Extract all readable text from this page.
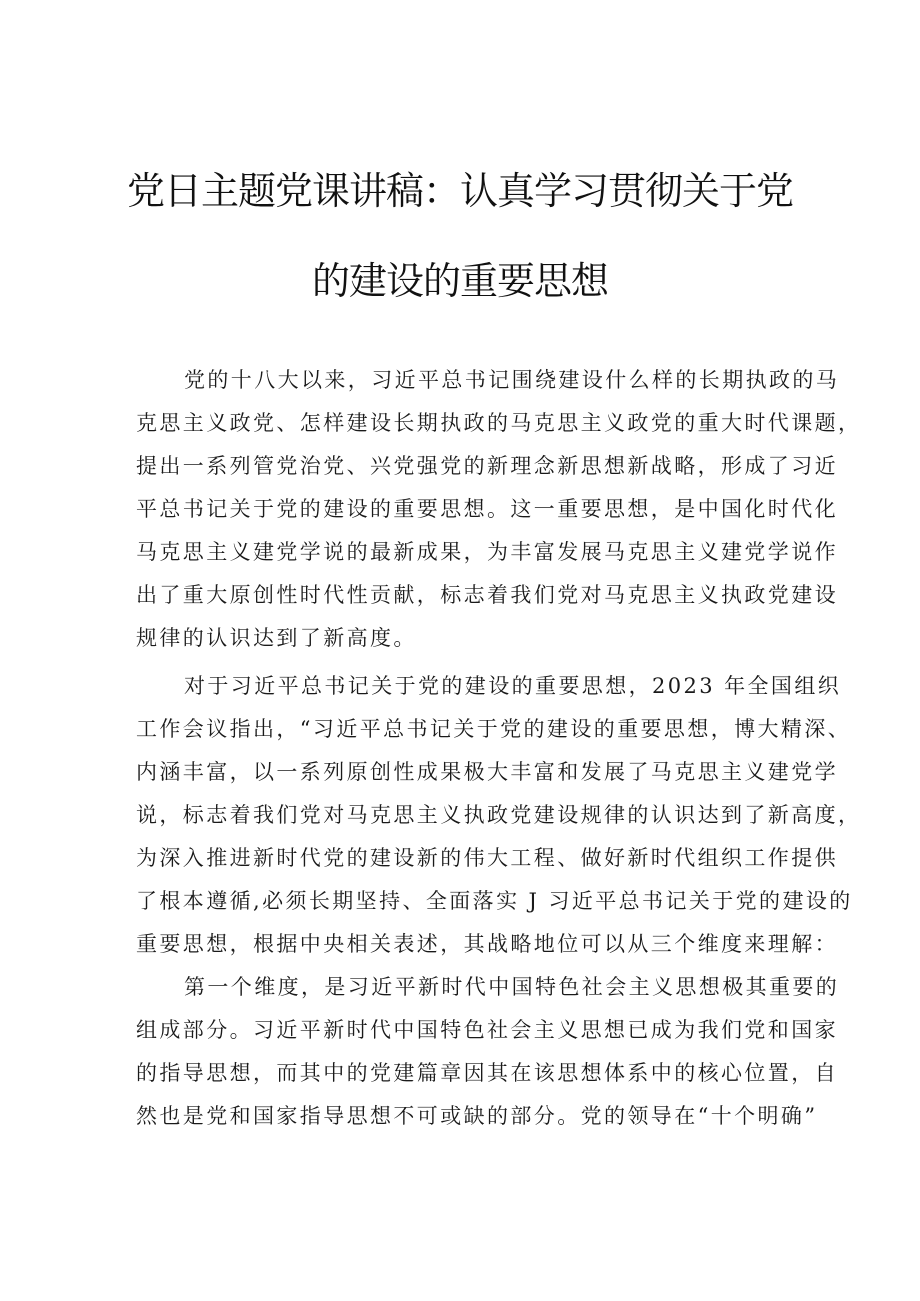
党日主题党课讲稿：认真学习贯彻关于党
的建设的重要思想
党的十八大以来，习近平总书记围绕建设什么样的长期执政的马
克思主义政党、怎样建设长期执政的马克思主义政党的重大时代课题，
提出一系列管党治党、兴党强党的新理念新思想新战略，形成了习近
平总书记关于党的建设的重要思想。这一重要思想，是中国化时代化
马克思主义建党学说的最新成果，为丰富发展马克思主义建党学说作
出了重大原创性时代性贡献，标志着我们党对马克思主义执政党建设
规律的认识达到了新高度。
对于习近平总书记关于党的建设的重要思想，2023 年全国组织
工作会议指出，“习近平总书记关于党的建设的重要思想，博大精深、
内涵丰富，以一系列原创性成果极大丰富和发展了马克思主义建党学
说，标志着我们党对马克思主义执政党建设规律的认识达到了新高度，
为深入推进新时代党的建设新的伟大工程、做好新时代组织工作提供
了根本遵循,必须长期坚持、全面落实 J 习近平总书记关于党的建设的
重要思想，根据中央相关表述，其战略地位可以从三个维度来理解：
第一个维度，是习近平新时代中国特色社会主义思想极其重要的
组成部分。习近平新时代中国特色社会主义思想已成为我们党和国家
的指导思想，而其中的党建篇章因其在该思想体系中的核心位置，自
然也是党和国家指导思想不可或缺的部分。党的领导在“十个明确”
